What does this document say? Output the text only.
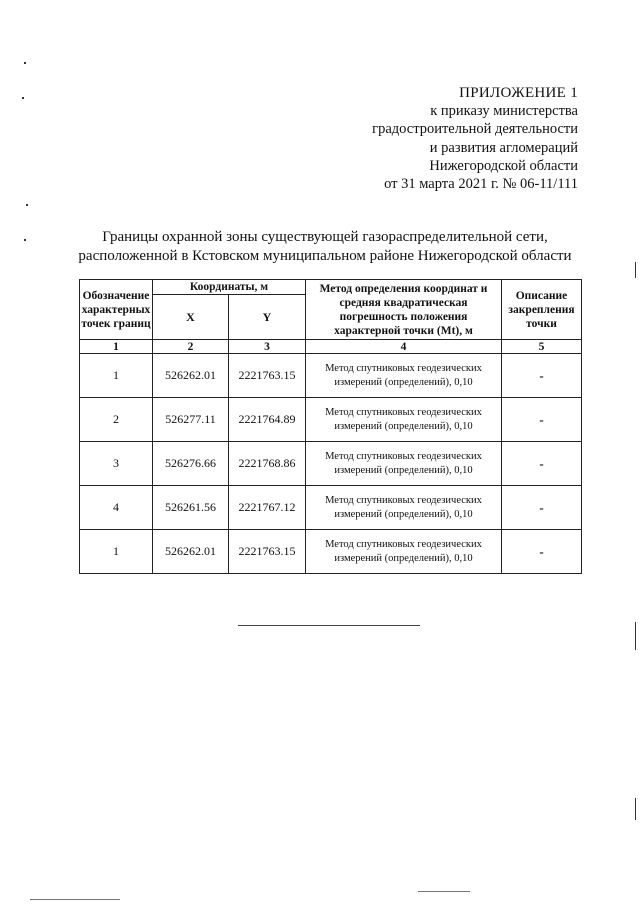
ПРИЛОЖЕНИЕ 1
к приказу министерства
градостроительной деятельности
и развития агломераций
Нижегородской области
от 31 марта 2021 г. № 06-11/111
Границы охранной зоны существующей газораспределительной сети,
расположенной в Кстовском муниципальном районе Нижегородской области
Обозначение характерных точек границ	Координаты, м		Метод определения координат и средняя квадратическая погрешность положения характерной точки (Mt), м	Описание закрепления точки
	X	Y		
1	2	3	4	5
1	526262.01	2221763.15	Метод спутниковых геодезических измерений (определений), 0,10	-
2	526277.11	2221764.89	Метод спутниковых геодезических измерений (определений), 0,10	-
3	526276.66	2221768.86	Метод спутниковых геодезических измерений (определений), 0,10	-
4	526261.56	2221767.12	Метод спутниковых геодезических измерений (определений), 0,10	-
1	526262.01	2221763.15	Метод спутниковых геодезических измерений (определений), 0,10	-
